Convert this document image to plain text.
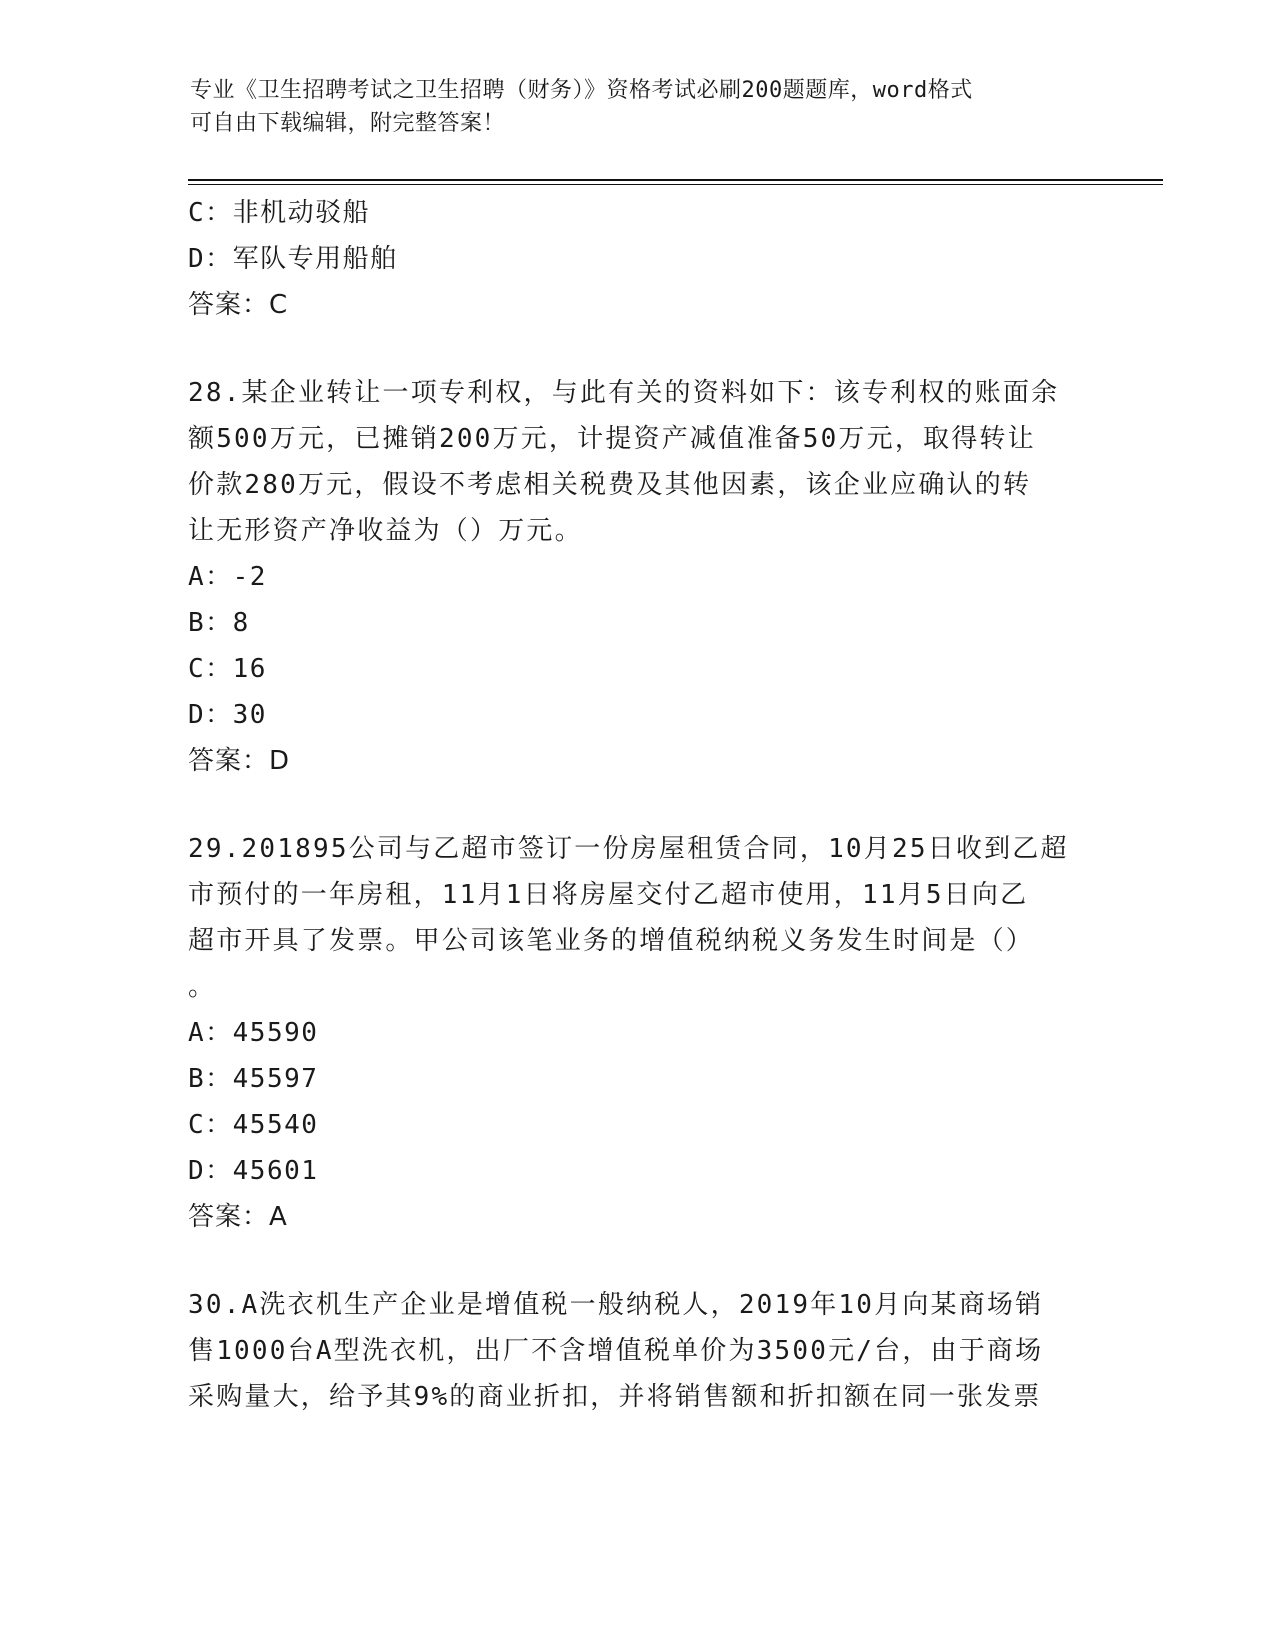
专业《卫生招聘考试之卫生招聘（财务）》资格考试必刷200题题库，word格式
可自由下载编辑，附完整答案！
C：非机动驳船
D：军队专用船舶
答案：C
28.某企业转让一项专利权，与此有关的资料如下：该专利权的账面余
额500万元，已摊销200万元，计提资产减值准备50万元，取得转让
价款280万元，假设不考虑相关税费及其他因素，该企业应确认的转
让无形资产净收益为（）万元。
A：-2
B：8
C：16
D：30
答案：D
29.201895公司与乙超市签订一份房屋租赁合同，10月25日收到乙超
市预付的一年房租，11月1日将房屋交付乙超市使用，11月5日向乙
超市开具了发票。甲公司该笔业务的增值税纳税义务发生时间是（）
。
A：45590
B：45597
C：45540
D：45601
答案：A
30.A洗衣机生产企业是增值税一般纳税人，2019年10月向某商场销
售1000台A型洗衣机，出厂不含增值税单价为3500元/台，由于商场
采购量大，给予其9%的商业折扣，并将销售额和折扣额在同一张发票
